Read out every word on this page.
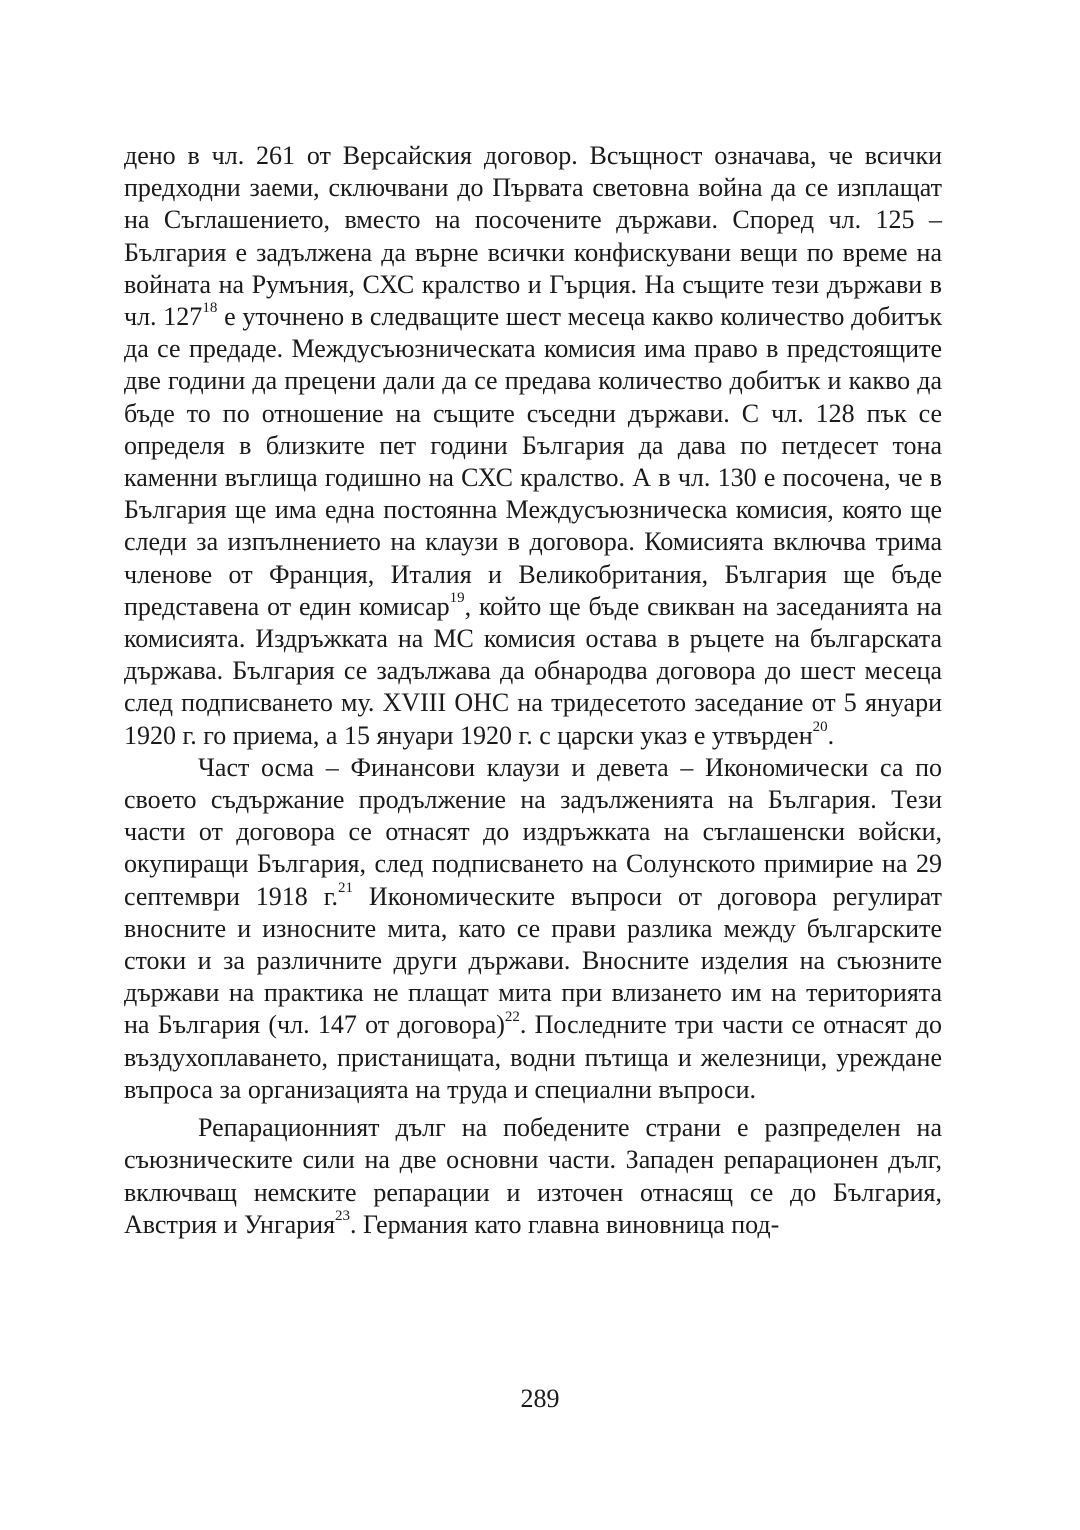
дено в чл. 261 от Версайския договор. Всъщност означава, че всички предходни заеми, сключвани до Първата световна война да се изплащат на Съглашението, вместо на посочените държави. Според чл. 125 – България е задължена да върне всички конфискувани вещи по време на войната на Румъния, СХС кралство и Гърция. На същите тези държави в чл. $127^{18}$ е уточнено в следващите шест месеца какво количество добитък да се предаде. Междусъюзническата комисия има право в предстоящите две години да прецени дали да се предава количество добитък и какво да бъде то по отношение на същите съседни държави. С чл. 128 пък се определя в близките пет години България да дава по петдесет тона каменни въглища годишно на СХС кралство. А в чл. 130 е посочена, че в България ще има една постоянна Междусъюзническа комисия, която ще следи за изпълнението на клаузи в договора. Комисията включва трима членове от Франция, Италия и Великобритания, България ще бъде представена от един комисар$^{19}$, който ще бъде свикван на заседанията на комисията. Издръжката на МС комисия остава в ръцете на българската държава. България се задължава да обнародва договора до шест месеца след подписването му. XVIII ОНС на тридесетото заседание от 5 януари 1920 г. го приема, а 15 януари 1920 г. с царски указ е утвърден$^{20}$.

Част осма – Финансови клаузи и девета – Икономически са по своето съдържание продължение на задълженията на България. Тези части от договора се отнасят до издръжката на съглашенски войски, окупиращи България, след подписването на Солунското примирие на 29 септември 1918 г.$^{21}$ Икономическите въпроси от договора регулират вносните и износните мита, като се прави разлика между българските стоки и за различните други държави. Вносните изделия на съюзните държави на практика не плащат мита при влизането им на територията на България (чл. 147 от договора)$^{22}$. Последните три части се отнасят до въздухоплаването, пристанищата, водни пътища и железници, уреждане въпроса за организацията на труда и специални въпроси.

Репарационният дълг на победените страни е разпределен на съюзническите сили на две основни части. Западен репарационен дълг, включващ немските репарации и източен отнасящ се до България, Австрия и Унгария$^{23}$. Германия като главна виновница под-

289
